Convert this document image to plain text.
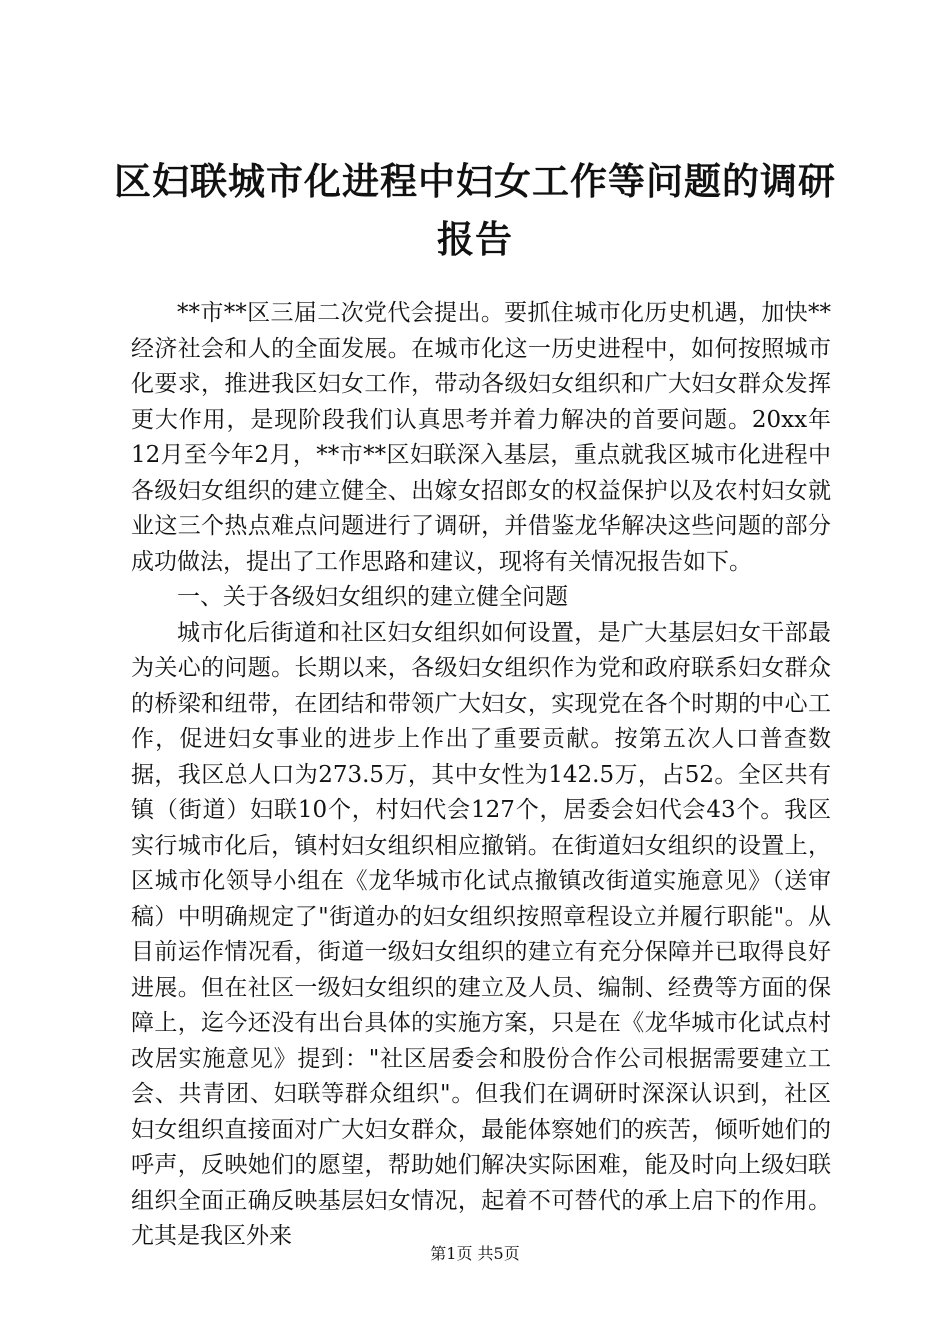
区妇联城市化进程中妇女工作等问题的调研报告

**市**区三届二次党代会提出。要抓住城市化历史机遇，加快**经济社会和人的全面发展。在城市化这一历史进程中，如何按照城市化要求，推进我区妇女工作，带动各级妇女组织和广大妇女群众发挥更大作用，是现阶段我们认真思考并着力解决的首要问题。20xx年12月至今年2月，**市**区妇联深入基层，重点就我区城市化进程中各级妇女组织的建立健全、出嫁女招郎女的权益保护以及农村妇女就业这三个热点难点问题进行了调研，并借鉴龙华解决这些问题的部分成功做法，提出了工作思路和建议，现将有关情况报告如下。

一、关于各级妇女组织的建立健全问题

城市化后街道和社区妇女组织如何设置，是广大基层妇女干部最为关心的问题。长期以来，各级妇女组织作为党和政府联系妇女群众的桥梁和纽带，在团结和带领广大妇女，实现党在各个时期的中心工作，促进妇女事业的进步上作出了重要贡献。按第五次人口普查数据，我区总人口为273.5万，其中女性为142.5万，占52。全区共有镇（街道）妇联10个，村妇代会127个，居委会妇代会43个。我区实行城市化后，镇村妇女组织相应撤销。在街道妇女组织的设置上，区城市化领导小组在《龙华城市化试点撤镇改街道实施意见》（送审稿）中明确规定了"街道办的妇女组织按照章程设立并履行职能"。从目前运作情况看，街道一级妇女组织的建立有充分保障并已取得良好进展。但在社区一级妇女组织的建立及人员、编制、经费等方面的保障上，迄今还没有出台具体的实施方案，只是在《龙华城市化试点村改居实施意见》提到："社区居委会和股份合作公司根据需要建立工会、共青团、妇联等群众组织"。但我们在调研时深深认识到，社区妇女组织直接面对广大妇女群众，最能体察她们的疾苦，倾听她们的呼声，反映她们的愿望，帮助她们解决实际困难，能及时向上级妇联组织全面正确反映基层妇女情况，起着不可替代的承上启下的作用。尤其是我区外来

第1页 共5页
